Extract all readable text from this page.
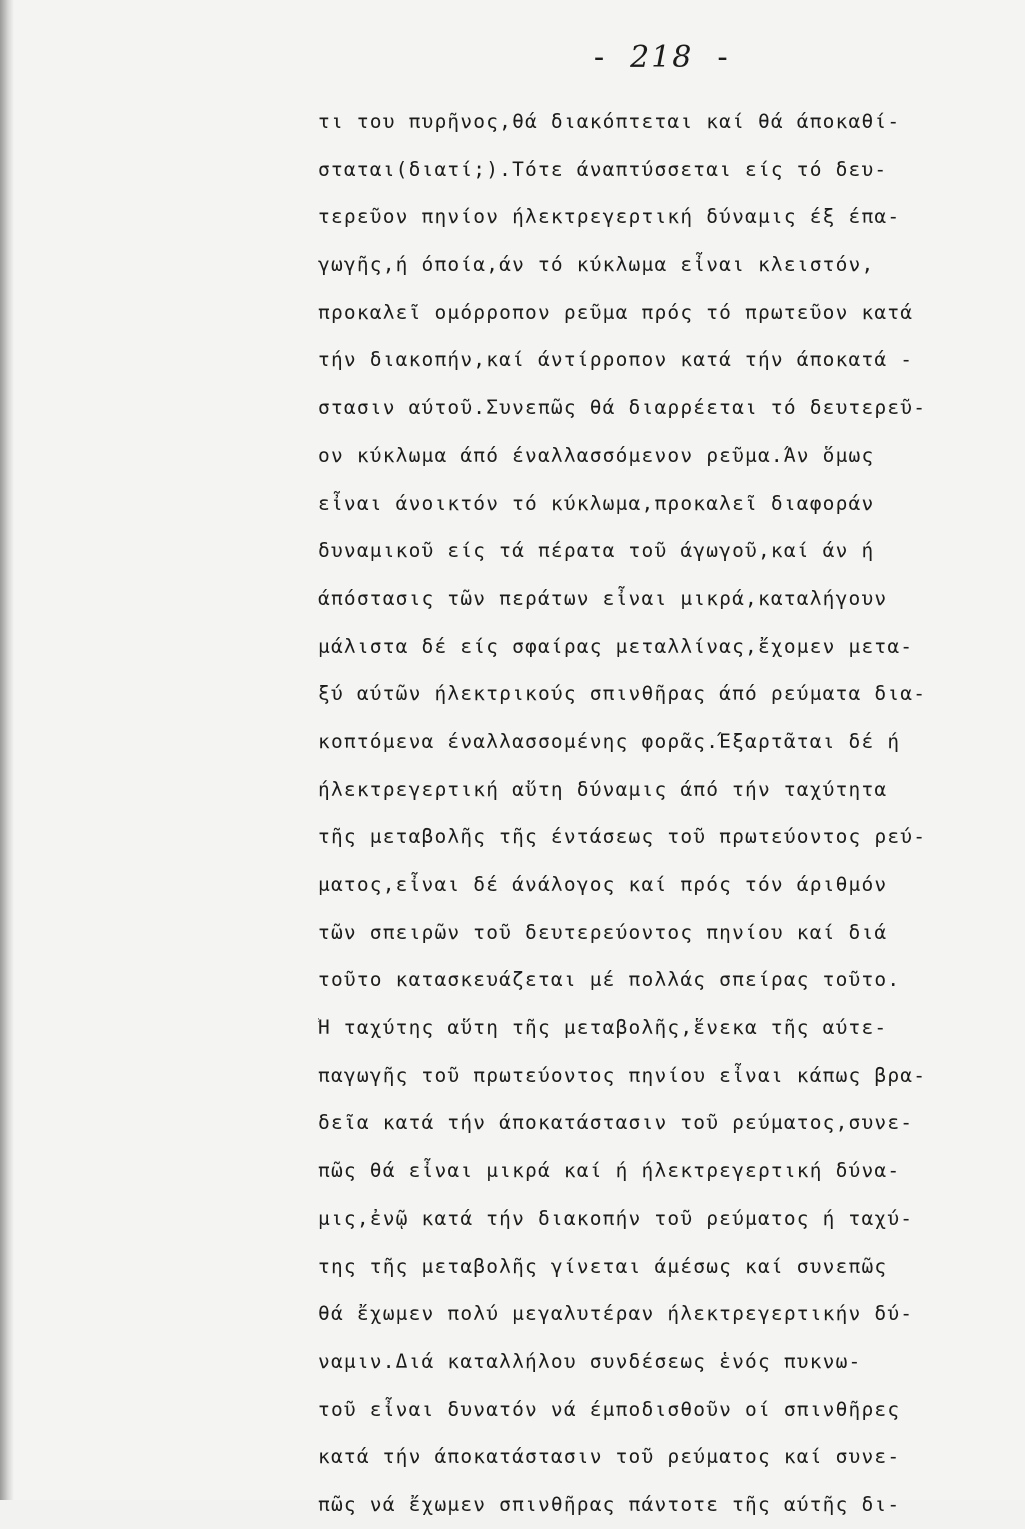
- 218 -
τι του πυρῆνος,θά διακόπτεται καί θά άποκαθί-
σταται(διατί;).Τότε άναπτύσσεται είς τό δευ-
τερεῦον πηνίον ήλεκτρεγερτική δύναμις έξ έπα-
γωγῆς,ή όποία,άν τό κύκλωμα εἶναι κλειστόν,
προκαλεῖ ομόρροπον ρεῦμα πρός τό πρωτεῦον κατά
τήν διακοπήν,καί άντίρροπον κατά τήν άποκατά -
στασιν αύτοῦ.Συνεπῶς θά διαρρέεται τό δευτερεῦ-
ον κύκλωμα άπό έναλλασσόμενον ρεῦμα.Άν ὅμως
εἶναι άνοικτόν τό κύκλωμα,προκαλεῖ διαφοράν
δυναμικοῦ είς τά πέρατα τοῦ άγωγοῦ,καί άν ή
άπόστασις τῶν περάτων εἶναι μικρά,καταλήγουν
μάλιστα δέ είς σφαίρας μεταλλίνας,ἔχομεν μετα-
ξύ αύτῶν ήλεκτρικούς σπινθῆρας άπό ρεύματα δια-
κοπτόμενα έναλλασσομένης φορᾶς.Έξαρτᾶται δέ ή
ήλεκτρεγερτική αὕτη δύναμις άπό τήν ταχύτητα
τῆς μεταβολῆς τῆς έντάσεως τοῦ πρωτεύοντος ρεύ-
ματος,εἶναι δέ άνάλογος καί πρός τόν άριθμόν
τῶν σπειρῶν τοῦ δευτερεύοντος πηνίου καί διά
τοῦτο κατασκευάζεται μέ πολλάς σπείρας τοῦτο.
Ἡ ταχύτης αὕτη τῆς μεταβολῆς,ἕνεκα τῆς αύτε-
παγωγῆς τοῦ πρωτεύοντος πηνίου εἶναι κάπως βρα-
δεῖα κατά τήν άποκατάστασιν τοῦ ρεύματος,συνε-
πῶς θά εἶναι μικρά καί ή ήλεκτρεγερτική δύνα-
μις,ἐνῷ κατά τήν διακοπήν τοῦ ρεύματος ή ταχύ-
της τῆς μεταβολῆς γίνεται άμέσως καί συνεπῶς
θά ἔχωμεν πολύ μεγαλυτέραν ήλεκτρεγερτικήν δύ-
ναμιν.Διά καταλλήλου συνδέσεως ἑνός πυκνω-
τοῦ εἶναι δυνατόν νά έμποδισθοῦν οί σπινθῆρες
κατά τήν άποκατάστασιν τοῦ ρεύματος καί συνε-
πῶς νά ἔχωμεν σπινθῆρας πάντοτε τῆς αύτῆς δι-
